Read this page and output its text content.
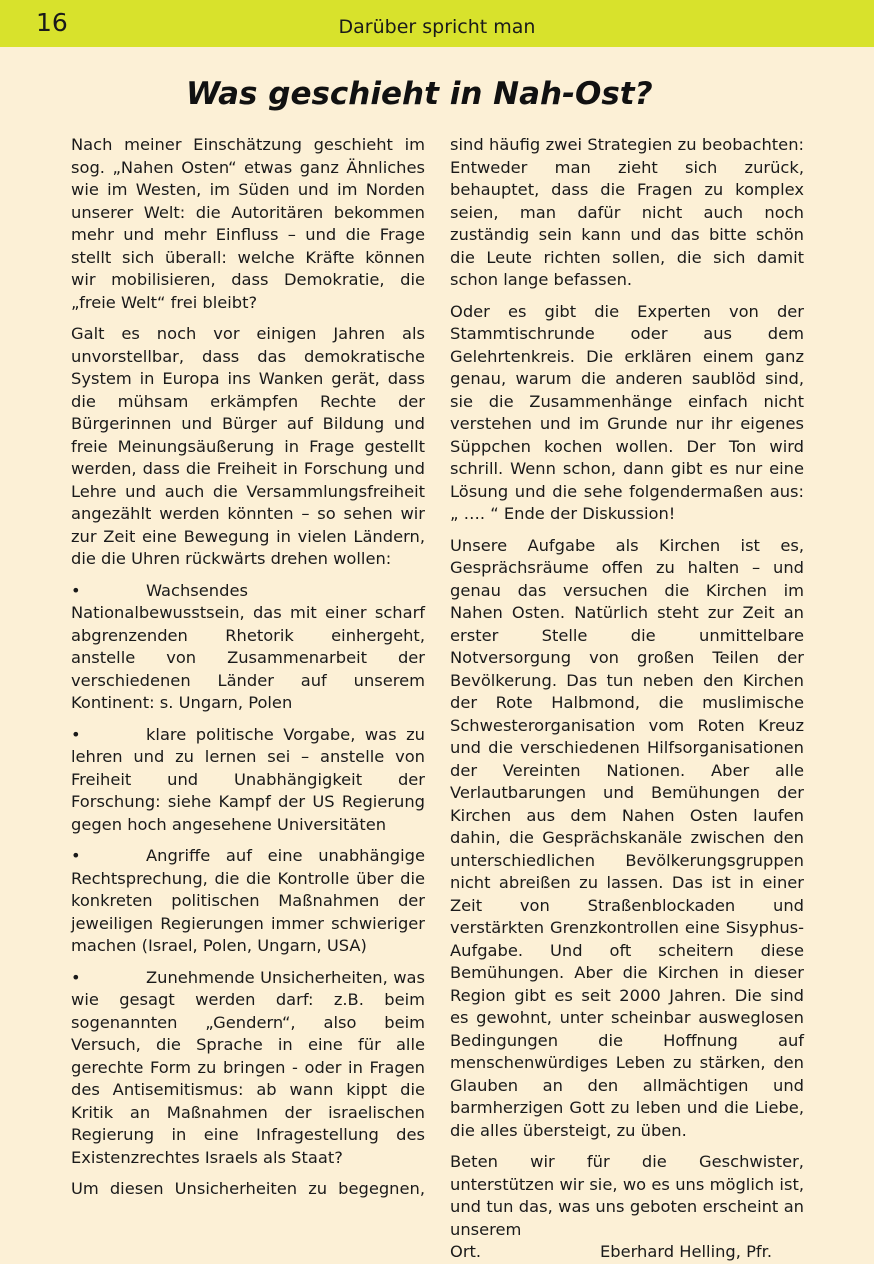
16	Darüber spricht man
Was geschieht in Nah-Ost?

Nach meiner Einschätzung geschieht im sog. „Nahen Osten“ etwas ganz Ähnliches wie im Westen, im Süden und im Norden unserer Welt: die Autoritären bekommen mehr und mehr Einfluss – und die Frage stellt sich überall: welche Kräfte können wir mobilisieren, dass Demokratie, die „freie Welt“ frei bleibt?

Galt es noch vor einigen Jahren als unvorstellbar, dass das demokratische System in Europa ins Wanken gerät, dass die mühsam erkämpfen Rechte der Bürgerinnen und Bürger auf Bildung und freie Meinungsäußerung in Frage gestellt werden, dass die Freiheit in Forschung und Lehre und auch die Versammlungsfreiheit angezählt werden könnten – so sehen wir zur Zeit eine Bewegung in vielen Ländern, die die Uhren rückwärts drehen wollen:

•	Wachsendes Nationalbewusstsein, das mit einer scharf abgrenzenden Rhetorik einhergeht, anstelle von Zusammenarbeit der verschiedenen Länder auf unserem Kontinent: s. Ungarn, Polen

•	klare politische Vorgabe, was zu lehren und zu lernen sei – anstelle von Freiheit und Unabhängigkeit der Forschung: siehe Kampf der US Regierung gegen hoch angesehene Universitäten

•	Angriffe auf eine unabhängige Rechtsprechung, die die Kontrolle über die konkreten politischen Maßnahmen der jeweiligen Regierungen immer schwieriger machen (Israel, Polen, Ungarn, USA)

•	Zunehmende Unsicherheiten, was wie gesagt werden darf: z.B. beim sogenannten „Gendern“, also beim Versuch, die Sprache in eine für alle gerechte Form zu bringen - oder in Fragen des Antisemitismus: ab wann kippt die Kritik an Maßnahmen der israelischen Regierung in eine Infragestellung des Existenzrechtes Israels als Staat?

Um diesen Unsicherheiten zu begegnen,

sind häufig zwei Strategien zu beobachten: Entweder man zieht sich zurück, behauptet, dass die Fragen zu komplex seien, man dafür nicht auch noch zuständig sein kann und das bitte schön die Leute richten sollen, die sich damit schon lange befassen.

Oder es gibt die Experten von der Stammtischrunde oder aus dem Gelehrtenkreis. Die erklären einem ganz genau, warum die anderen saublöd sind, sie die Zusammenhänge einfach nicht verstehen und im Grunde nur ihr eigenes Süppchen kochen wollen. Der Ton wird schrill. Wenn schon, dann gibt es nur eine Lösung und die sehe folgendermaßen aus: „ …. “ Ende der Diskussion!

Unsere Aufgabe als Kirchen ist es, Gesprächsräume offen zu halten – und genau das versuchen die Kirchen im Nahen Osten. Natürlich steht zur Zeit an erster Stelle die unmittelbare Notversorgung von großen Teilen der Bevölkerung. Das tun neben den Kirchen der Rote Halbmond, die muslimische Schwesterorganisation vom Roten Kreuz und die verschiedenen Hilfsorganisationen der Vereinten Nationen. Aber alle Verlautbarungen und Bemühungen der Kirchen aus dem Nahen Osten laufen dahin, die Gesprächskanäle zwischen den unterschiedlichen Bevölkerungsgruppen nicht abreißen zu lassen. Das ist in einer Zeit von Straßenblockaden und verstärkten Grenzkontrollen eine Sisyphus-Aufgabe. Und oft scheitern diese Bemühungen. Aber die Kirchen in dieser Region gibt es seit 2000 Jahren. Die sind es gewohnt, unter scheinbar ausweglosen Bedingungen die Hoffnung auf menschenwürdiges Leben zu stärken, den Glauben an den allmächtigen und barmherzigen Gott zu leben und die Liebe, die alles übersteigt, zu üben.

Beten wir für die Geschwister, unterstützen wir sie, wo es uns möglich ist, und tun das, was uns geboten erscheint an unserem

Ort.	Eberhard Helling, Pfr.
